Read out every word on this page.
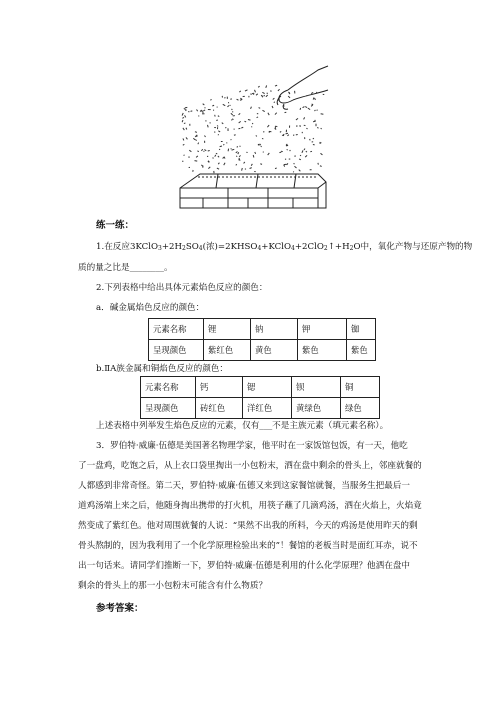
练一练：
1.在反应$3KClO_3+2H_2SO_4$(浓)$=2KHSO_4+KClO_4+2ClO_2↑+H_2O$中，氧化产物与还原产物的物
质的量之比是________。
2.下列表格中给出具体元素焰色反应的颜色：
a．碱金属焰色反应的颜色：
元素名称	锂	钠	钾	铷
呈现颜色	紫红色	黄色	紫色	紫色
b.ⅡA族金属和铜焰色反应的颜色：
元素名称	钙	锶	钡	铜
呈现颜色	砖红色	洋红色	黄绿色	绿色
上述表格中列举发生焰色反应的元素，仅有___不是主族元素（填元素名称）。
3．罗伯特·威廉·伍德是美国著名物理学家，他平时在一家饭馆包饭，有一天，他吃
了一盘鸡，吃饱之后，从上衣口袋里掏出一小包粉末，洒在盘中剩余的骨头上，邻座就餐的
人都感到非常奇怪。第二天，罗伯特·威廉·伍德又来到这家餐馆就餐，当服务生把最后一
道鸡汤端上来之后，他随身掏出携带的打火机，用筷子蘸了几滴鸡汤，洒在火焰上，火焰竟
然变成了紫红色。他对周围就餐的人说：“果然不出我的所料，今天的鸡汤是使用昨天的剩
骨头熬制的，因为我利用了一个化学原理检验出来的”！餐馆的老板当时是面红耳赤，说不
出一句话来。请同学们推断一下，罗伯特·威廉·伍德是利用的什么化学原理？他洒在盘中
剩余的骨头上的那一小包粉末可能含有什么物质？
参考答案：
